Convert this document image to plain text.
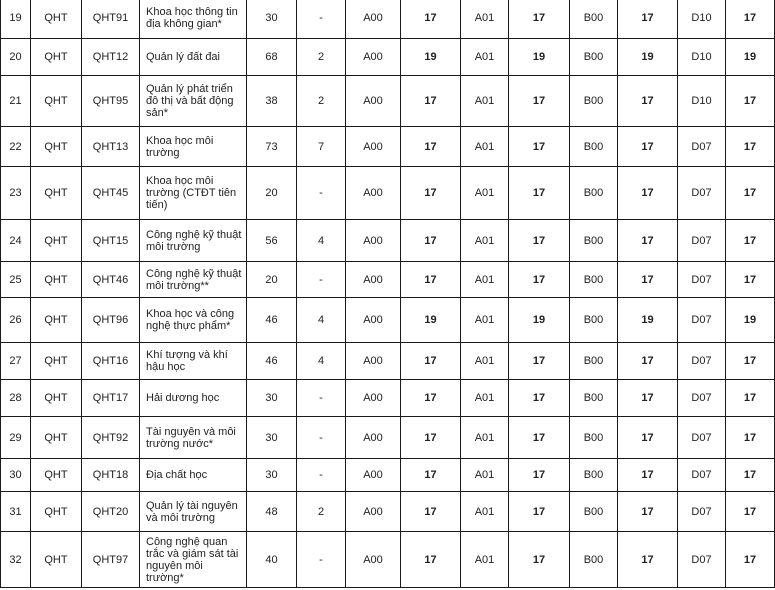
19	QHT	QHT91	Khoa học thông tin địa không gian*	30	-	A00	17	A01	17	B00	17	D10	17
20	QHT	QHT12	Quản lý đất đai	68	2	A00	19	A01	19	B00	19	D10	19
21	QHT	QHT95	Quản lý phát triển đô thị và bất động sản*	38	2	A00	17	A01	17	B00	17	D10	17
22	QHT	QHT13	Khoa học môi trường	73	7	A00	17	A01	17	B00	17	D07	17
23	QHT	QHT45	Khoa học môi trường (CTĐT tiên tiến)	20	-	A00	17	A01	17	B00	17	D07	17
24	QHT	QHT15	Công nghệ kỹ thuật môi trường	56	4	A00	17	A01	17	B00	17	D07	17
25	QHT	QHT46	Công nghệ kỹ thuật môi trường**	20	-	A00	17	A01	17	B00	17	D07	17
26	QHT	QHT96	Khoa học và công nghệ thực phẩm*	46	4	A00	19	A01	19	B00	19	D07	19
27	QHT	QHT16	Khí tượng và khí hậu học	46	4	A00	17	A01	17	B00	17	D07	17
28	QHT	QHT17	Hải dương học	30	-	A00	17	A01	17	B00	17	D07	17
29	QHT	QHT92	Tài nguyên và môi trường nước*	30	-	A00	17	A01	17	B00	17	D07	17
30	QHT	QHT18	Địa chất học	30	-	A00	17	A01	17	B00	17	D07	17
31	QHT	QHT20	Quản lý tài nguyên và môi trường	48	2	A00	17	A01	17	B00	17	D07	17
32	QHT	QHT97	Công nghệ quan trắc và giám sát tài nguyên môi trường*	40	-	A00	17	A01	17	B00	17	D07	17
